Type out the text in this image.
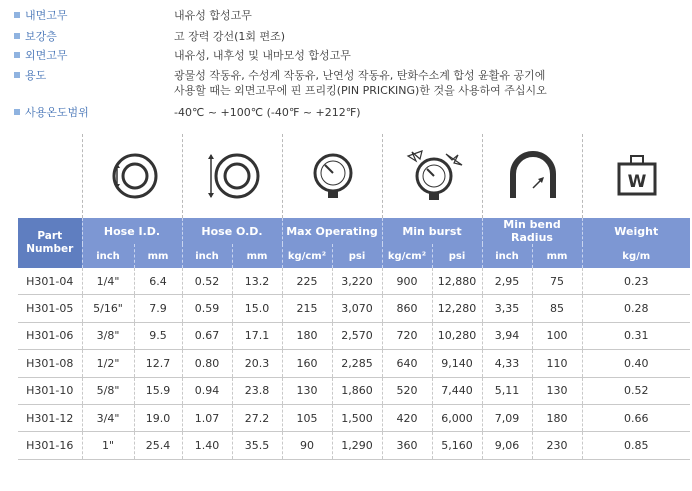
내면고무	내유성 합성고무
보강층	고 장력 강선(1회 편조)
외면고무	내유성, 내후성 및 내마모성 합성고무
용도	광물성 작동유, 수성계 작동유, 난연성 작동유, 탄화수소계 합성 윤활유 공기에
사용할 때는 외면고무에 핀 프리킹(PIN PRICKING)한 것을 사용하여 주십시오
사용온도범위	-40℃ ~ +100℃ (-40℉ ~ +212℉)
W
Part
Number	Hose I.D.		Hose O.D.		Max Operating		Min burst		Min bend Radius		Weight
	inch	mm	inch	mm	kg/cm²	psi	kg/cm²	psi	inch	mm	kg/m
H301-04	1/4"	6.4	0.52	13.2	225	3,220	900	12,880	2,95	75	0.23
H301-05	5/16"	7.9	0.59	15.0	215	3,070	860	12,280	3,35	85	0.28
H301-06	3/8"	9.5	0.67	17.1	180	2,570	720	10,280	3,94	100	0.31
H301-08	1/2"	12.7	0.80	20.3	160	2,285	640	9,140	4,33	110	0.40
H301-10	5/8"	15.9	0.94	23.8	130	1,860	520	7,440	5,11	130	0.52
H301-12	3/4"	19.0	1.07	27.2	105	1,500	420	6,000	7,09	180	0.66
H301-16	1"	25.4	1.40	35.5	90	1,290	360	5,160	9,06	230	0.85
